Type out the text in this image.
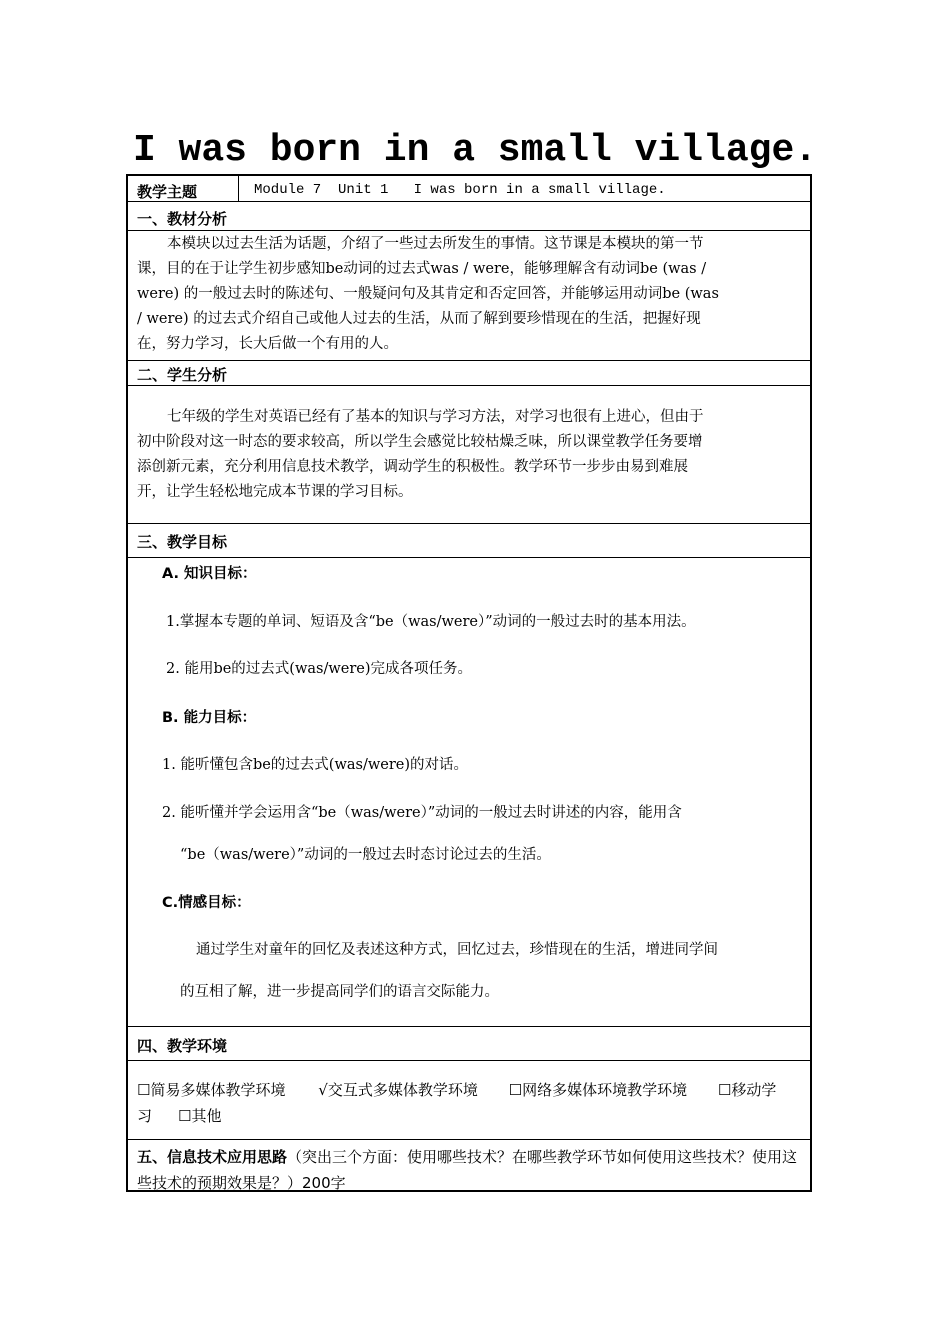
I was born in a small village.
教学主题	Module 7  Unit 1   I was born in a small village.
一、教材分析
本模块以过去生活为话题，介绍了一些过去所发生的事情。这节课是本模块的第一节
课，目的在于让学生初步感知be动词的过去式was / were，能够理解含有动词be (was /
were) 的一般过去时的陈述句、一般疑问句及其肯定和否定回答，并能够运用动词be (was
/ were) 的过去式介绍自己或他人过去的生活，从而了解到要珍惜现在的生活，把握好现
在，努力学习，长大后做一个有用的人。
二、学生分析
七年级的学生对英语已经有了基本的知识与学习方法，对学习也很有上进心，但由于
初中阶段对这一时态的要求较高，所以学生会感觉比较枯燥乏味，所以课堂教学任务要增
添创新元素，充分利用信息技术教学，调动学生的积极性。教学环节一步步由易到难展
开，让学生轻松地完成本节课的学习目标。
三、教学目标
A. 知识目标：
1.掌握本专题的单词、短语及含“be（was/were）”动词的一般过去时的基本用法。
2. 能用be的过去式(was/were)完成各项任务。
B. 能力目标：
1. 能听懂包含be的过去式(was/were)的对话。
2. 能听懂并学会运用含“be（was/were）”动词的一般过去时讲述的内容，能用含
“be（was/were）”动词的一般过去时态讨论过去的生活。
C.情感目标：
通过学生对童年的回忆及表述这种方式，回忆过去，珍惜现在的生活，增进同学间
的互相了解，进一步提高同学们的语言交际能力。
四、教学环境
☐简易多媒体教学环境 √交互式多媒体教学环境 ☐网络多媒体环境教学环境 ☐移动学习 ☐其他
五、信息技术应用思路（突出三个方面：使用哪些技术？在哪些教学环节如何使用这些技术？使用这些技术的预期效果是？）200字
